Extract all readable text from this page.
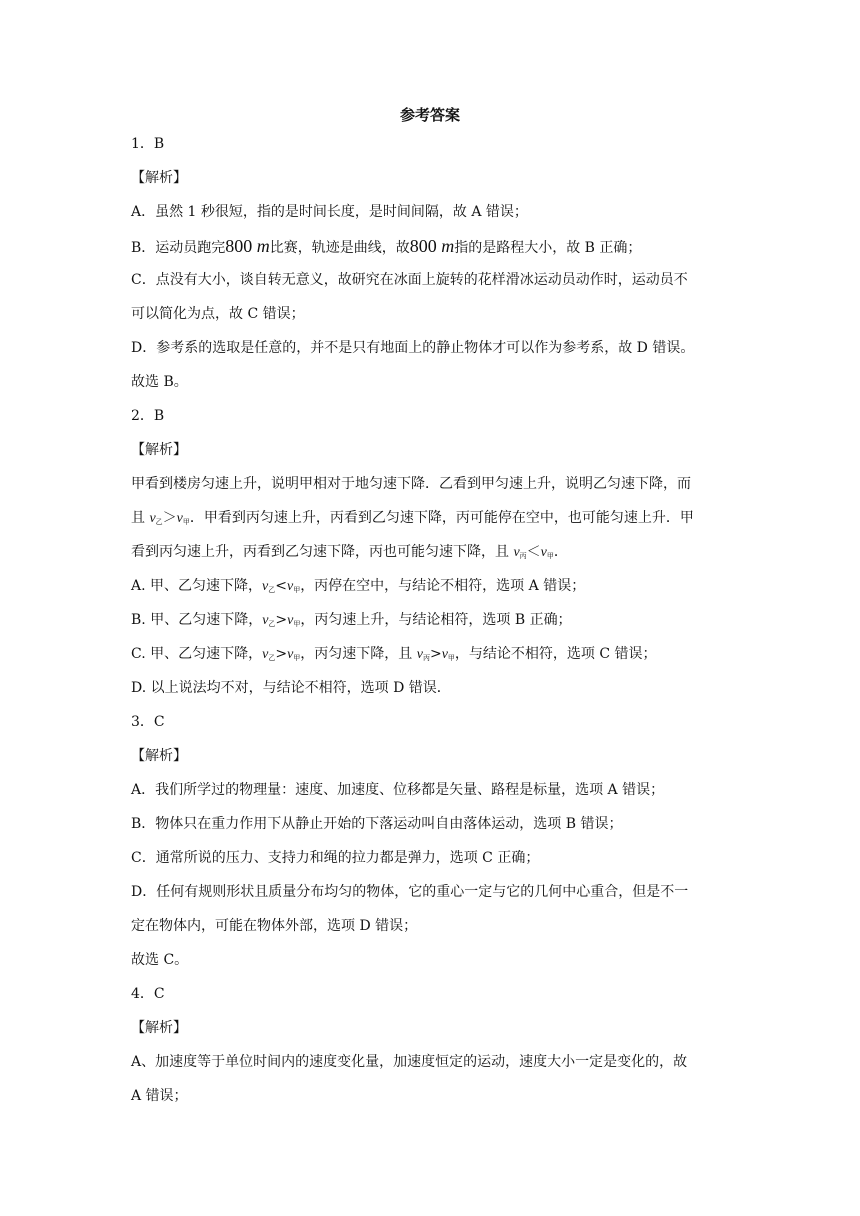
参考答案
1．B
【解析】
A．虽然 1 秒很短，指的是时间长度，是时间间隔，故 A 错误；
B．运动员跑完800 m比赛，轨迹是曲线，故800 m指的是路程大小，故 B 正确；
C．点没有大小，谈自转无意义，故研究在冰面上旋转的花样滑冰运动员动作时，运动员不
可以简化为点，故 C 错误；
D．参考系的选取是任意的，并不是只有地面上的静止物体才可以作为参考系，故 D 错误。
故选 B。
2．B
【解析】
甲看到楼房匀速上升，说明甲相对于地匀速下降．乙看到甲匀速上升，说明乙匀速下降，而
且 $v_乙>v_甲$．甲看到丙匀速上升，丙看到乙匀速下降，丙可能停在空中，也可能匀速上升．甲
看到丙匀速上升，丙看到乙匀速下降，丙也可能匀速下降，且 $v_丙<v_甲$．
A. 甲、乙匀速下降，$v_乙<v_甲$，丙停在空中，与结论不相符，选项 A 错误；
B. 甲、乙匀速下降，$v_乙>v_甲$，丙匀速上升，与结论相符，选项 B 正确；
C. 甲、乙匀速下降，$v_乙>v_甲$，丙匀速下降，且 $v_丙>v_甲$，与结论不相符，选项 C 错误；
D. 以上说法均不对，与结论不相符，选项 D 错误．
3．C
【解析】
A．我们所学过的物理量：速度、加速度、位移都是矢量、路程是标量，选项 A 错误；
B．物体只在重力作用下从静止开始的下落运动叫自由落体运动，选项 B 错误；
C．通常所说的压力、支持力和绳的拉力都是弹力，选项 C 正确；
D．任何有规则形状且质量分布均匀的物体，它的重心一定与它的几何中心重合，但是不一
定在物体内，可能在物体外部，选项 D 错误；
故选 C。
4．C
【解析】
A、加速度等于单位时间内的速度变化量，加速度恒定的运动，速度大小一定是变化的，故
A 错误；
